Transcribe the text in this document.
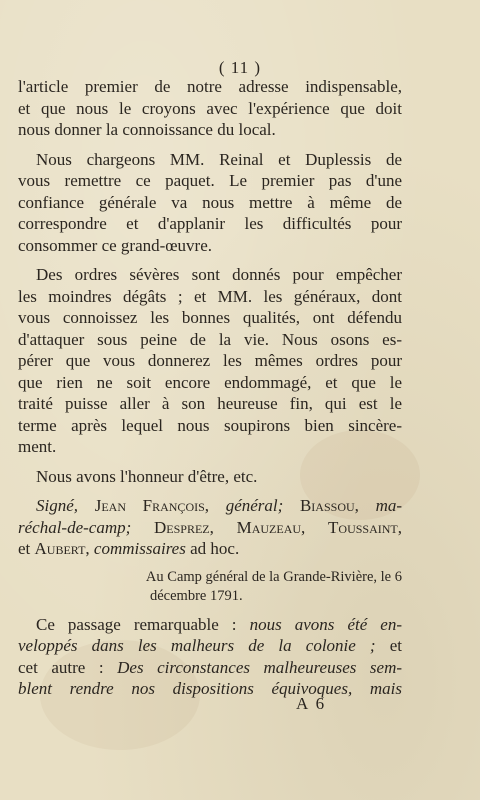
( 11 )
l'article premier de notre adresse indispensable,
et que nous le croyons avec l'expérience que doit
nous donner la connoissance du local.
Nous chargeons MM. Reinal et Duplessis de
vous remettre ce paquet. Le premier pas d'une
confiance générale va nous mettre à même de
correspondre et d'applanir les difficultés pour
consommer ce grand-œuvre.
Des ordres sévères sont donnés pour empêcher
les moindres dégâts ; et MM. les généraux, dont
vous connoissez les bonnes qualités, ont défendu
d'attaquer sous peine de la vie. Nous osons es-
pérer que vous donnerez les mêmes ordres pour
que rien ne soit encore endommagé, et que le
traité puisse aller à son heureuse fin, qui est le
terme après lequel nous soupirons bien sincère-
ment.
Nous avons l'honneur d'être, etc.
Signé, Jean François, général; Biassou, ma-
réchal-de-camp; Desprez, Mauzeau, Toussaint,
et Aubert, commissaires ad hoc.
Au Camp général de la Grande-Rivière, le 6
décembre 1791.
Ce passage remarquable : nous avons été en-
veloppés dans les malheurs de la colonie ; et
cet autre : Des circonstances malheureuses sem-
blent rendre nos dispositions équivoques, mais
A 6
